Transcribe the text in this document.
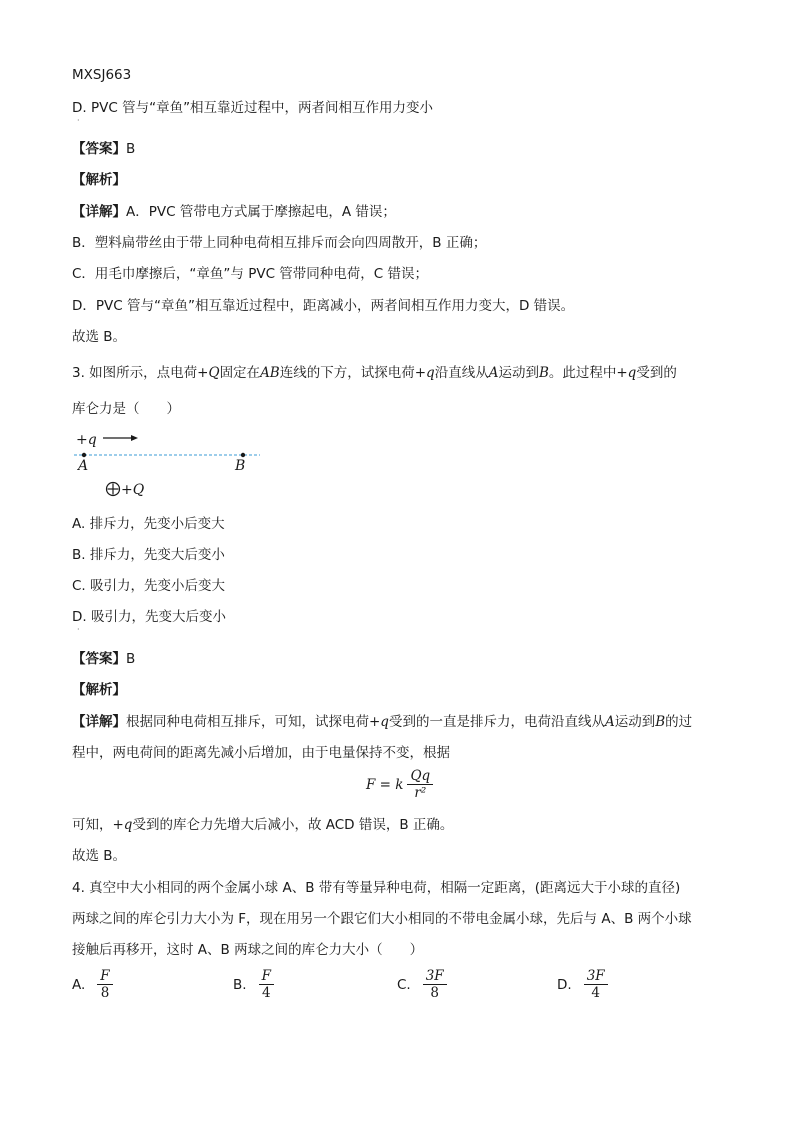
MXSJ663
D. PVC 管与“章鱼”相互靠近过程中，两者间相互作用力变小
·
【答案】B
【解析】
【详解】A．PVC 管带电方式属于摩擦起电，A 错误；
B．塑料扁带丝由于带上同种电荷相互排斥而会向四周散开，B 正确；
C．用毛巾摩擦后，“章鱼”与 PVC 管带同种电荷，C 错误；
D．PVC 管与“章鱼”相互靠近过程中，距离减小，两者间相互作用力变大，D 错误。
故选 B。
3. 如图所示，点电荷+Q固定在AB连线的下方，试探电荷+q沿直线从A运动到B。此过程中+q受到的
库仑力是（　　）
+q
A	B
+Q
A. 排斥力，先变小后变大
B. 排斥力，先变大后变小
C. 吸引力，先变小后变大
D. 吸引力，先变大后变小
·
【答案】B
【解析】
【详解】根据同种电荷相互排斥，可知，试探电荷+q受到的一直是排斥力，电荷沿直线从A运动到B的过
程中，两电荷间的距离先减小后增加，由于电量保持不变，根据
F = k $\frac{Qq}{\text{r²}}$
可知，+q受到的库仑力先增大后减小，故 ACD 错误，B 正确。
故选 B。
4. 真空中大小相同的两个金属小球 A、B 带有等量异种电荷，相隔一定距离，(距离远大于小球的直径)
两球之间的库仑引力大小为 F，现在用另一个跟它们大小相同的不带电金属小球，先后与 A、B 两个小球
接触后再移开，这时 A、B 两球之间的库仑力大小（　　）
A. $\frac{F}{8}$	B. $\frac{F}{4}$	C. $\frac{3F}{8}$	D. $\frac{3F}{4}$
